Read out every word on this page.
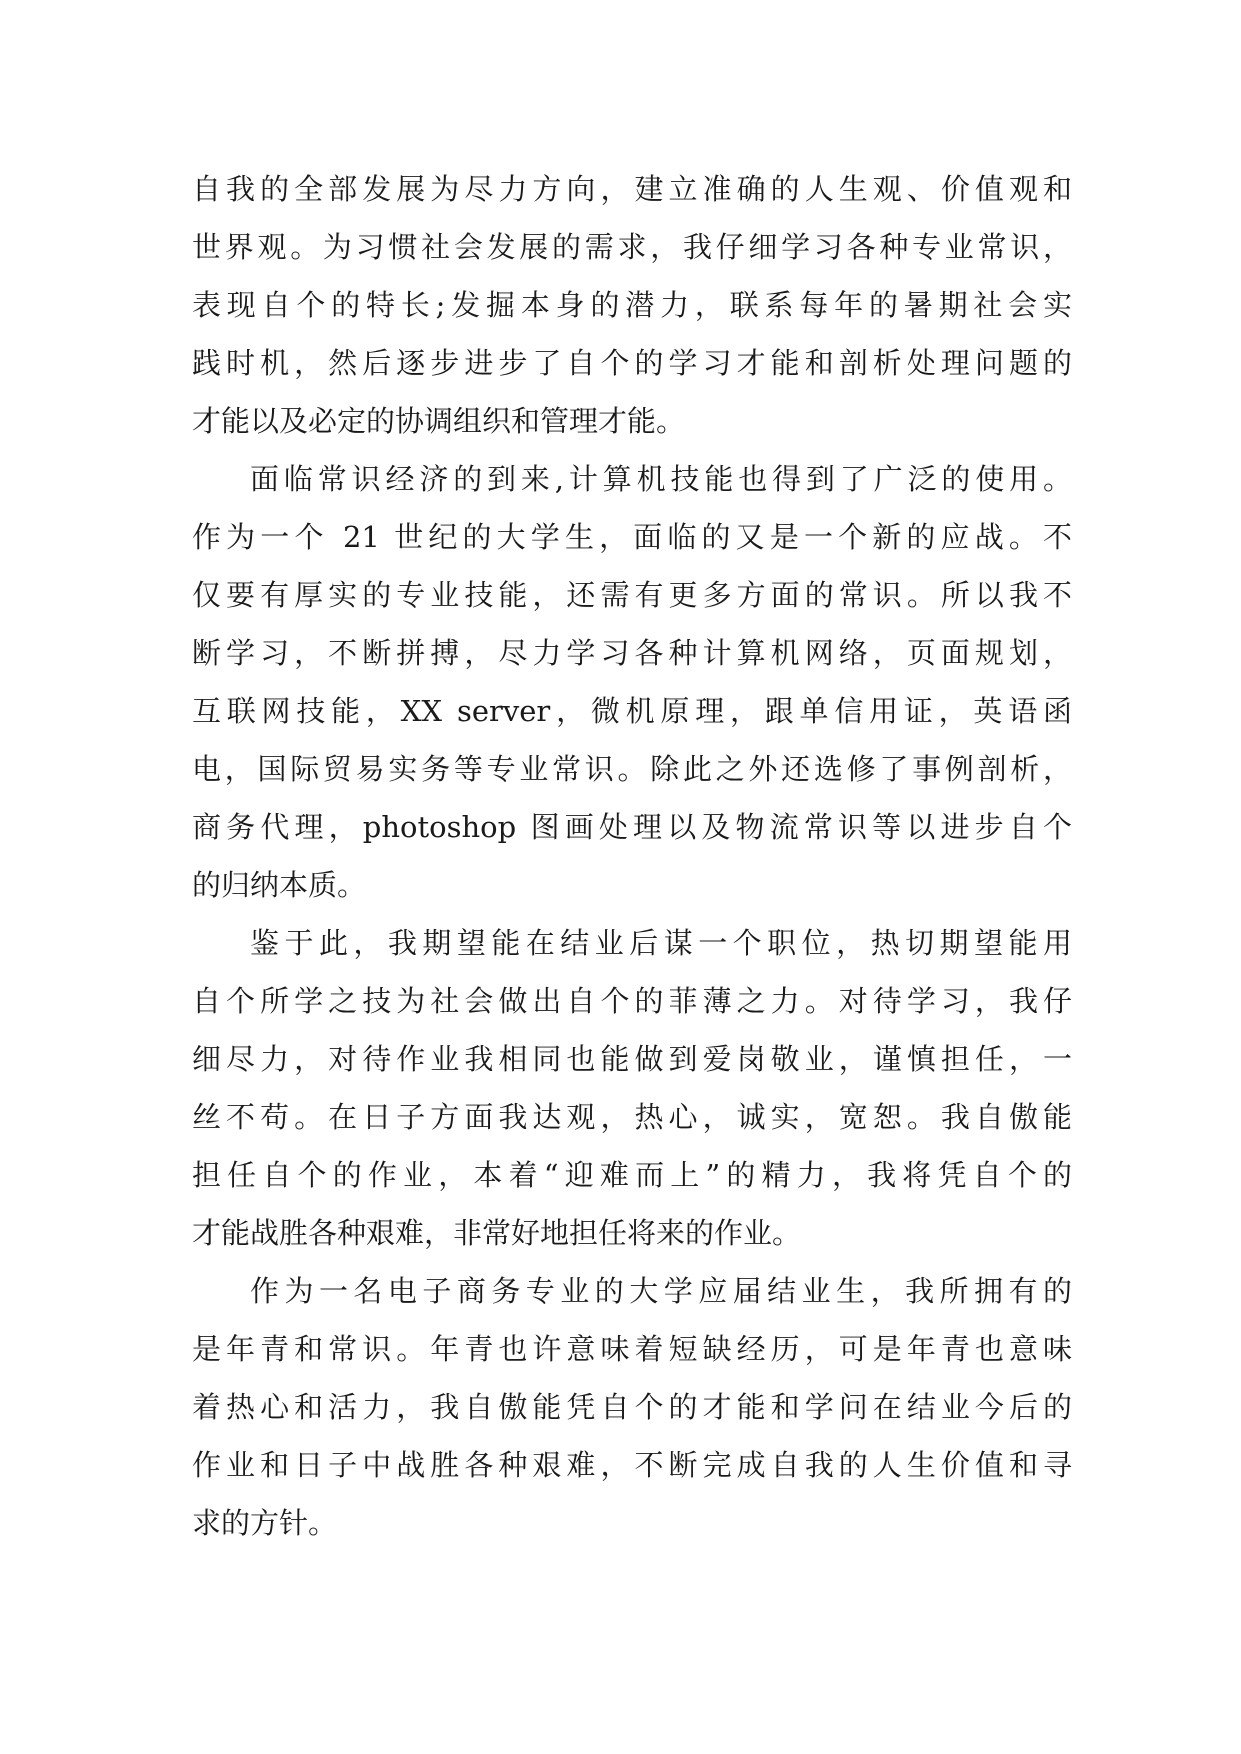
自我的全部发展为尽力方向，建立准确的人生观、价值观和
世界观。为习惯社会发展的需求，我仔细学习各种专业常识，
表现自个的特长;发掘本身的潜力，联系每年的暑期社会实
践时机，然后逐步进步了自个的学习才能和剖析处理问题的
才能以及必定的协调组织和管理才能。
面临常识经济的到来,计算机技能也得到了广泛的使用。
作为一个 21 世纪的大学生，面临的又是一个新的应战。不
仅要有厚实的专业技能，还需有更多方面的常识。所以我不
断学习，不断拼搏，尽力学习各种计算机网络，页面规划，
互联网技能，XX server，微机原理，跟单信用证，英语函
电，国际贸易实务等专业常识。除此之外还选修了事例剖析，
商务代理，photoshop 图画处理以及物流常识等以进步自个
的归纳本质。
鉴于此，我期望能在结业后谋一个职位，热切期望能用
自个所学之技为社会做出自个的菲薄之力。对待学习，我仔
细尽力，对待作业我相同也能做到爱岗敬业，谨慎担任，一
丝不苟。在日子方面我达观，热心，诚实，宽恕。我自傲能
担任自个的作业，本着“迎难而上”的精力，我将凭自个的
才能战胜各种艰难，非常好地担任将来的作业。
作为一名电子商务专业的大学应届结业生，我所拥有的
是年青和常识。年青也许意味着短缺经历，可是年青也意味
着热心和活力，我自傲能凭自个的才能和学问在结业今后的
作业和日子中战胜各种艰难，不断完成自我的人生价值和寻
求的方针。
